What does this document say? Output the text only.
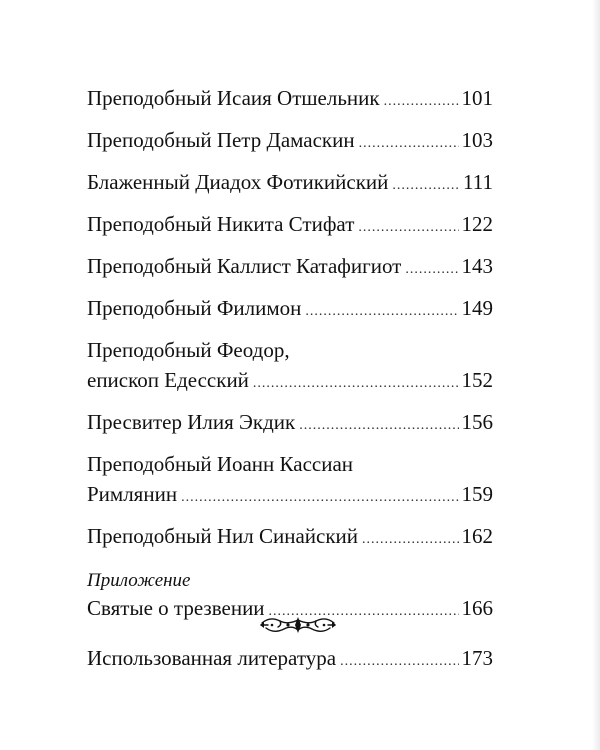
Преподобный Исаия Отшельник .....	101
Преподобный Петр Дамаскин .....	103
Блаженный Диадох Фотикийский .....	111
Преподобный Никита Стифат .....	122
Преподобный Каллист Катафигиот .....	143
Преподобный Филимон .....	149
Преподобный Феодор,
епископ Едесский .....	152
Пресвитер Илия Экдик .....	156
Преподобный Иоанн Кассиан
Римлянин .....	159
Преподобный Нил Синайский .....	162
Приложение
Святые о трезвении .....	166
Использованная литература .....	173
